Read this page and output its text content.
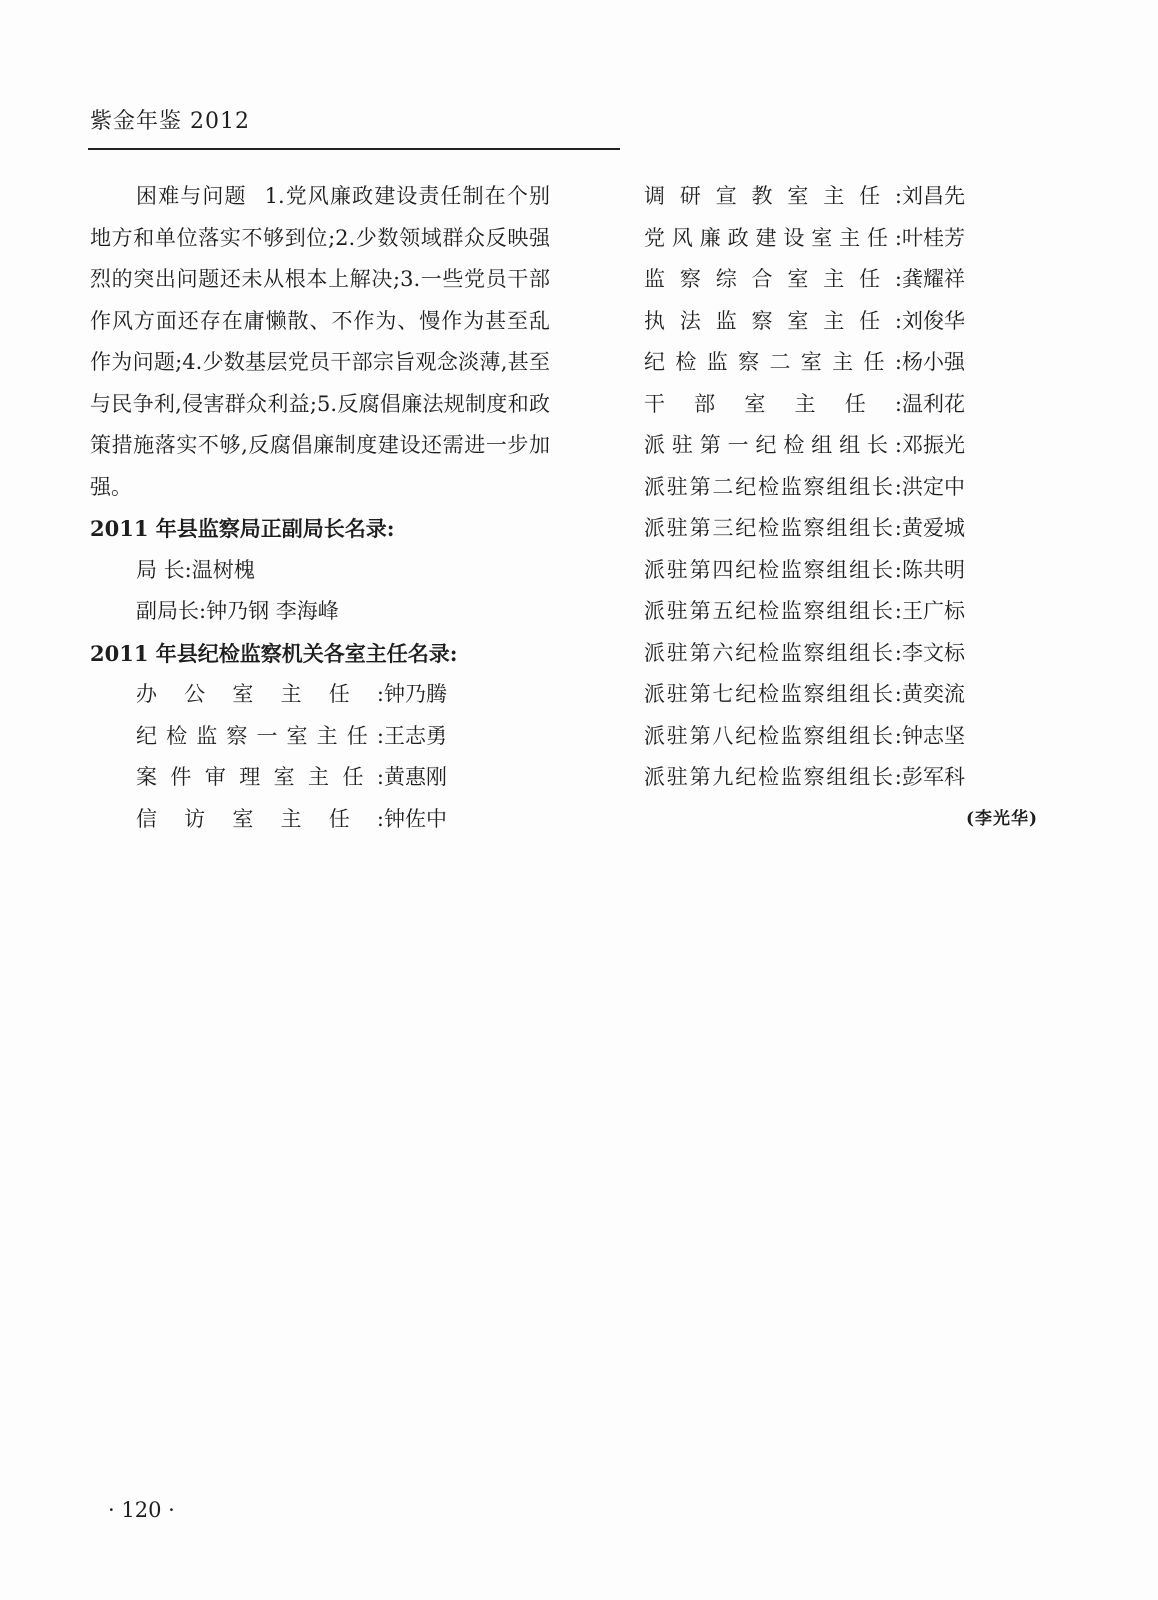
紫金年鉴 2012

困难与问题 1.党风廉政建设责任制在个别地方和单位落实不够到位;2.少数领域群众反映强烈的突出问题还未从根本上解决;3.一些党员干部作风方面还存在庸懒散、不作为、慢作为甚至乱作为问题;4.少数基层党员干部宗旨观念淡薄,甚至与民争利,侵害群众利益;5.反腐倡廉法规制度和政策措施落实不够,反腐倡廉制度建设还需进一步加强。

2011 年县监察局正副局长名录:

局 长: 温树槐
副局长: 钟乃钢 李海峰

2011 年县纪检监察机关各室主任名录:

办 公 室 主 任 : 钟乃腾
纪 检 监 察 一 室 主 任 : 王志勇
案 件 审 理 室 主 任 : 黄惠刚
信 访 室 主 任 : 钟佐中
调 研 宣 教 室 主 任 : 刘昌先
党 风 廉 政 建 设 室 主 任 : 叶桂芳
监 察 综 合 室 主 任 : 龚耀祥
执 法 监 察 室 主 任 : 刘俊华
纪 检 监 察 二 室 主 任 : 杨小强
干 部 室 主 任 : 温利花
派 驻 第 一 纪 检 组 组 长 : 邓振光
派 驻 第 二 纪 检 监 察 组 组 长 : 洪定中
派 驻 第 三 纪 检 监 察 组 组 长 : 黄爱城
派 驻 第 四 纪 检 监 察 组 组 长 : 陈共明
派 驻 第 五 纪 检 监 察 组 组 长 : 王广标
派 驻 第 六 纪 检 监 察 组 组 长 : 李文标
派 驻 第 七 纪 检 监 察 组 组 长 : 黄奕流
派 驻 第 八 纪 检 监 察 组 组 长 : 钟志坚
派 驻 第 九 纪 检 监 察 组 组 长 : 彭军科
(李光华)
· 120 ·
